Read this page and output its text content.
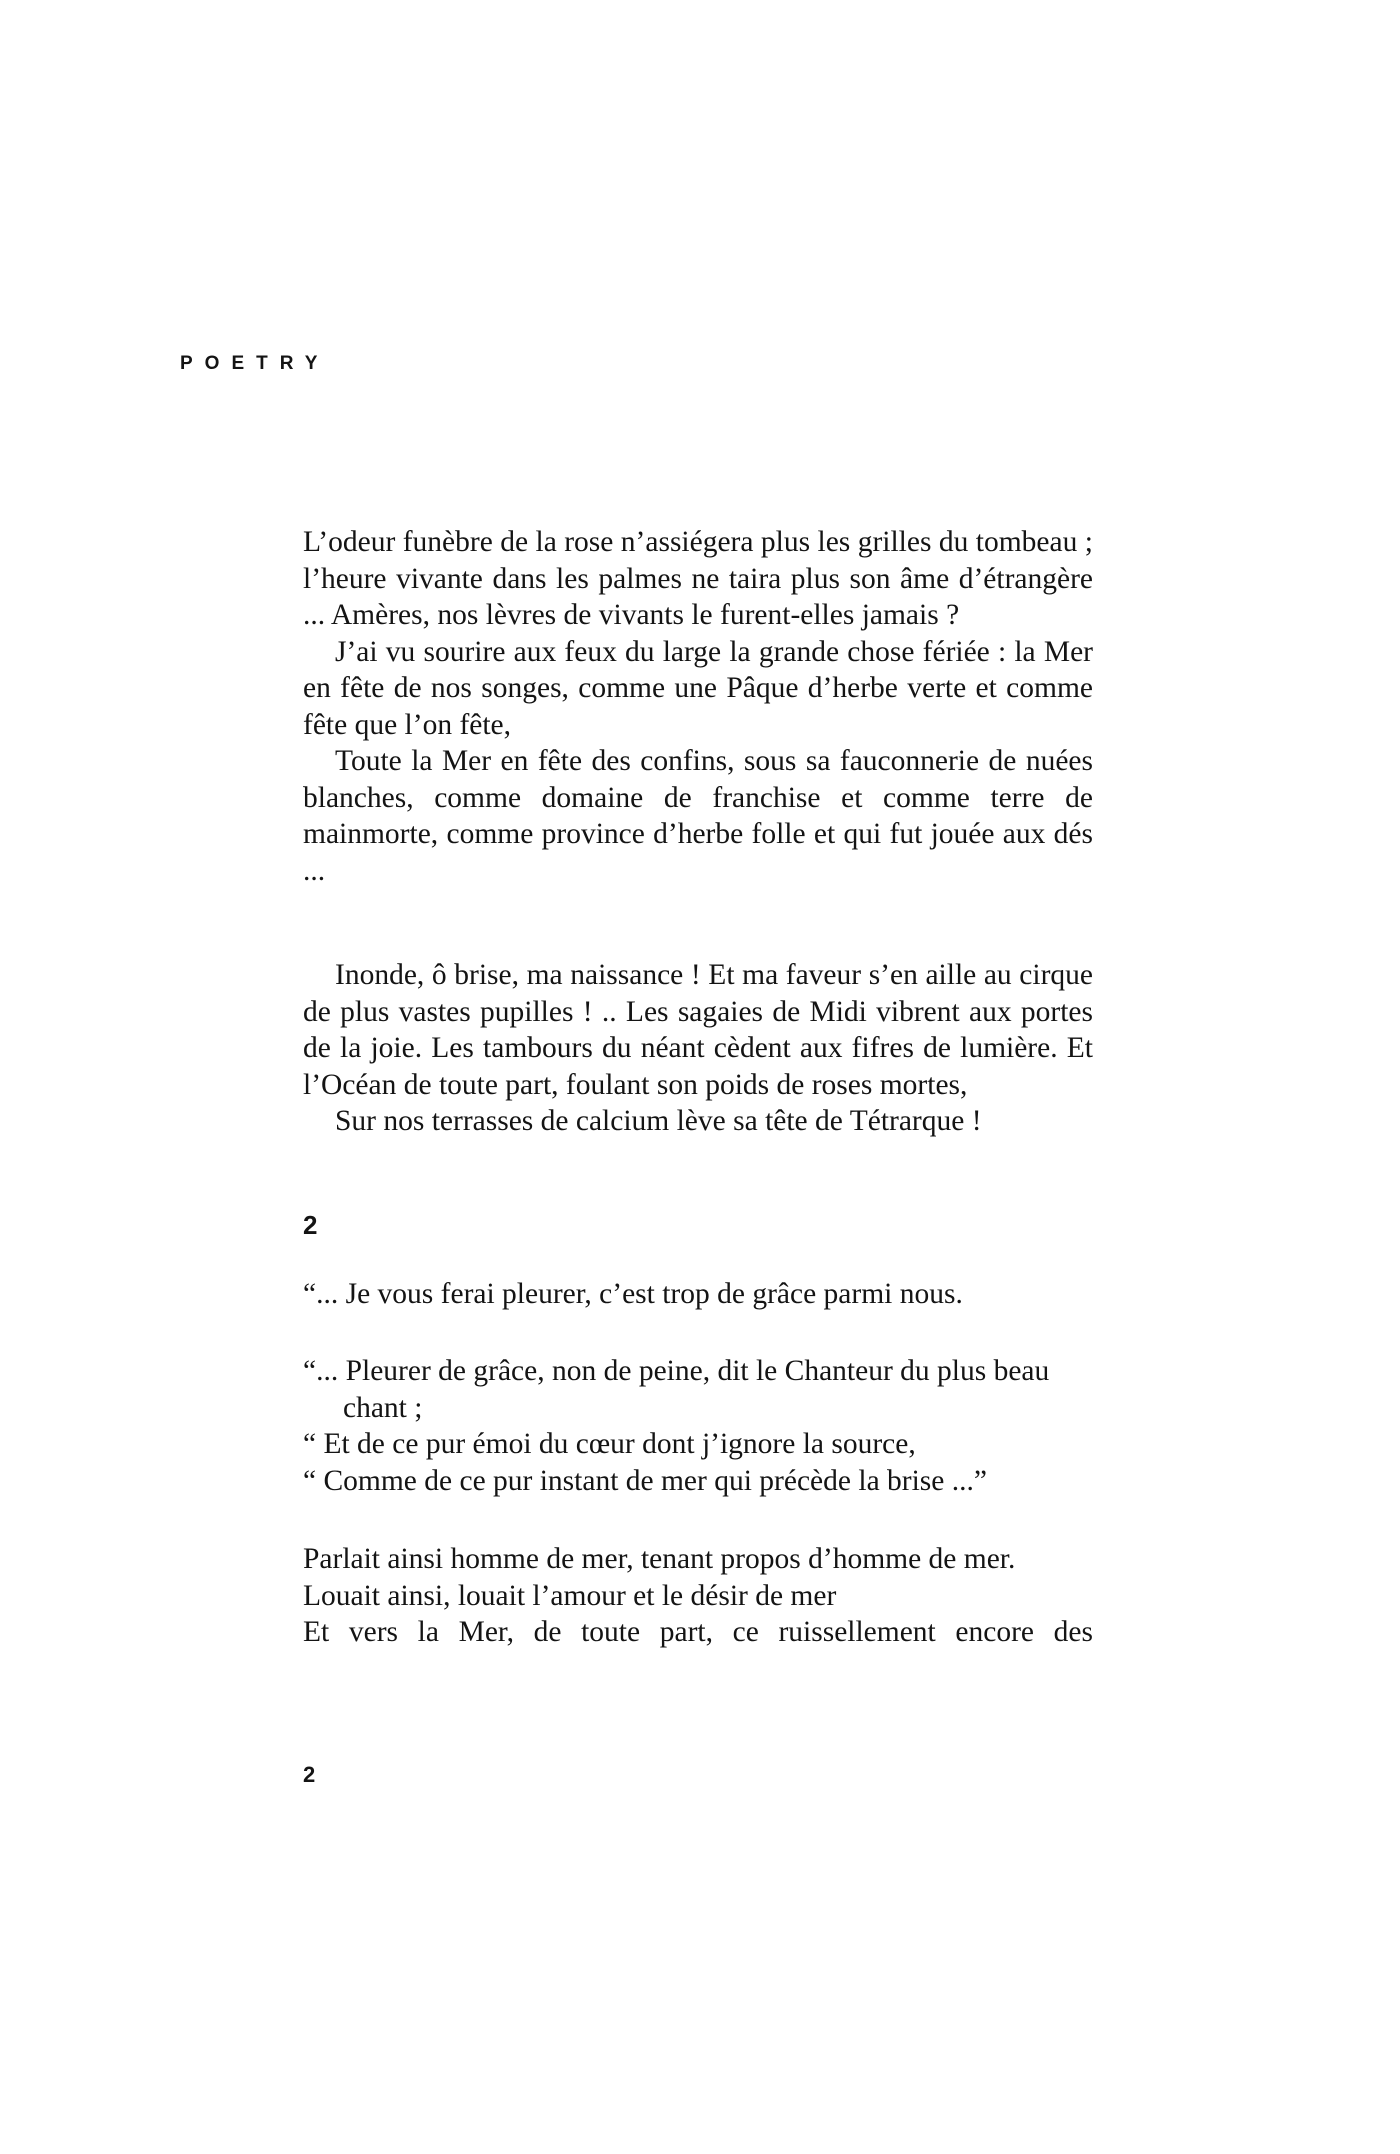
POETRY

L’odeur funèbre de la rose n’assiégera plus les grilles du tombeau ; l’heure vivante dans les palmes ne taira plus son âme d’étrangère ... Amères, nos lèvres de vivants le furent-elles jamais ?

J’ai vu sourire aux feux du large la grande chose fériée : la Mer en fête de nos songes, comme une Pâque d’herbe verte et comme fête que l’on fête,

Toute la Mer en fête des confins, sous sa fauconnerie de nuées blanches, comme domaine de franchise et comme terre de mainmorte, comme province d’herbe folle et qui fut jouée aux dés ...

Inonde, ô brise, ma naissance ! Et ma faveur s’en aille au cirque de plus vastes pupilles ! .. Les sagaies de Midi vibrent aux portes de la joie. Les tambours du néant cèdent aux fifres de lumière. Et l’Océan de toute part, foulant son poids de roses mortes,

Sur nos terrasses de calcium lève sa tête de Tétrarque !

2

“... Je vous ferai pleurer, c’est trop de grâce parmi nous.

“... Pleurer de grâce, non de peine, dit le Chanteur du plus beau chant ;

“ Et de ce pur émoi du cœur dont j’ignore la source,

“ Comme de ce pur instant de mer qui précède la brise ...”

Parlait ainsi homme de mer, tenant propos d’homme de mer.

Louait ainsi, louait l’amour et le désir de mer

Et vers la Mer, de toute part, ce ruissellement encore des

2
